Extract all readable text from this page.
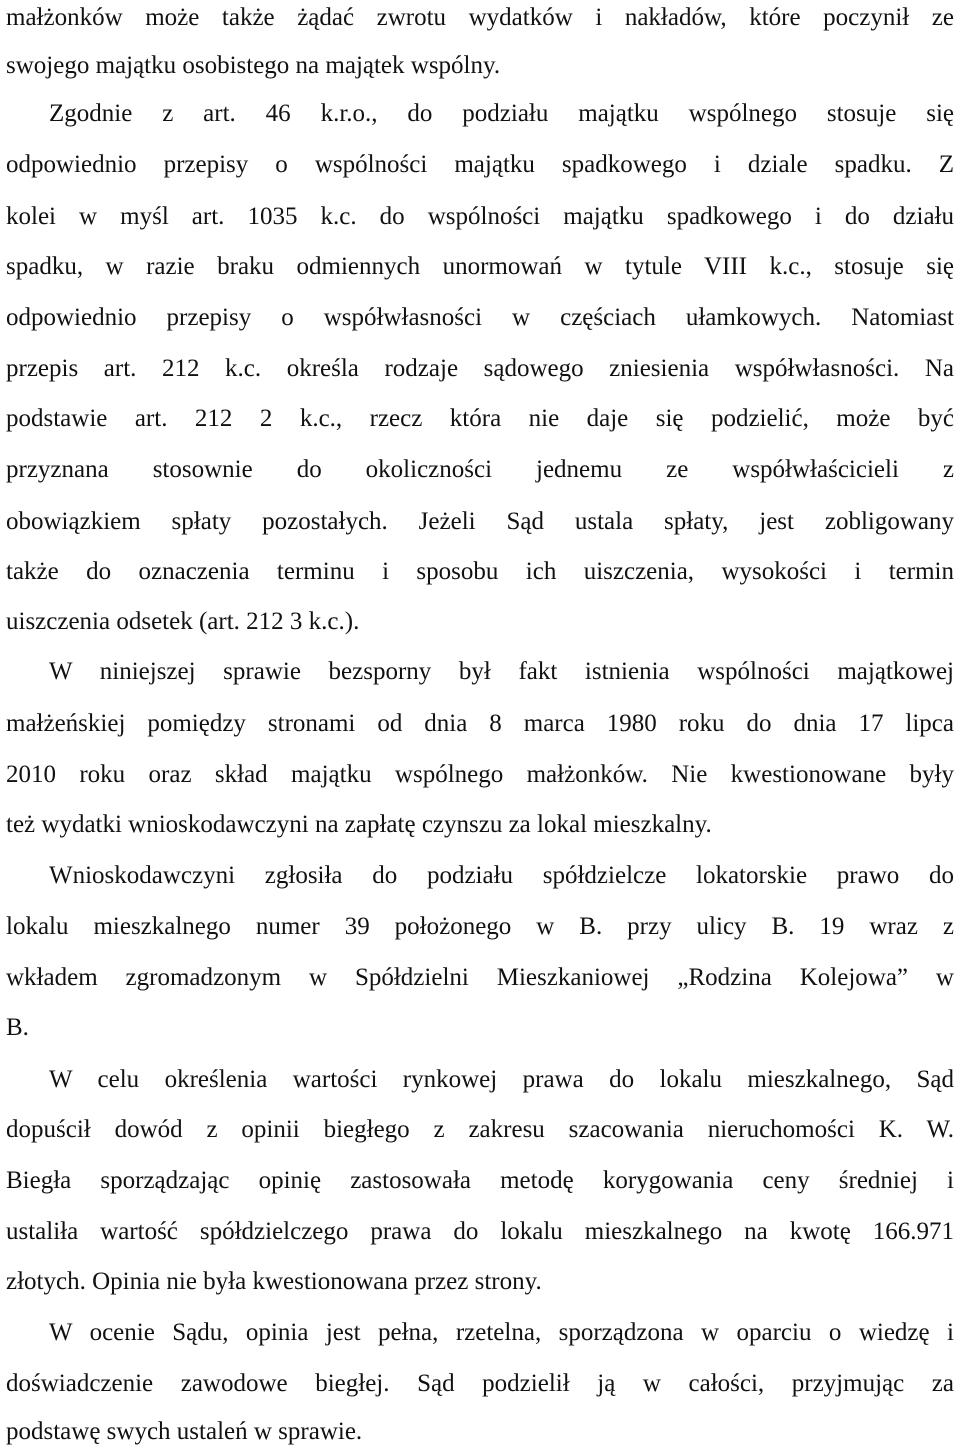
małżonków może także żądać zwrotu wydatków i nakładów, które poczynił ze
swojego majątku osobistego na majątek wspólny.
Zgodnie z art. 46 k.r.o., do podziału majątku wspólnego stosuje się
odpowiednio przepisy o wspólności majątku spadkowego i dziale spadku. Z
kolei w myśl art. 1035 k.c. do wspólności majątku spadkowego i do działu
spadku, w razie braku odmiennych unormowań w tytule VIII k.c., stosuje się
odpowiednio przepisy o współwłasności w częściach ułamkowych. Natomiast
przepis art. 212 k.c. określa rodzaje sądowego zniesienia współwłasności. Na
podstawie art. 212 2 k.c., rzecz która nie daje się podzielić, może być
przyznana stosownie do okoliczności jednemu ze współwłaścicieli z
obowiązkiem spłaty pozostałych. Jeżeli Sąd ustala spłaty, jest zobligowany
także do oznaczenia terminu i sposobu ich uiszczenia, wysokości i termin
uiszczenia odsetek (art. 212 3 k.c.).
W niniejszej sprawie bezsporny był fakt istnienia wspólności majątkowej
małżeńskiej pomiędzy stronami od dnia 8 marca 1980 roku do dnia 17 lipca
2010 roku oraz skład majątku wspólnego małżonków. Nie kwestionowane były
też wydatki wnioskodawczyni na zapłatę czynszu za lokal mieszkalny.
Wnioskodawczyni zgłosiła do podziału spółdzielcze lokatorskie prawo do
lokalu mieszkalnego numer 39 położonego w B. przy ulicy B. 19 wraz z
wkładem zgromadzonym w Spółdzielni Mieszkaniowej „Rodzina Kolejowa” w
B.
W celu określenia wartości rynkowej prawa do lokalu mieszkalnego, Sąd
dopuścił dowód z opinii biegłego z zakresu szacowania nieruchomości K. W.
Biegła sporządzając opinię zastosowała metodę korygowania ceny średniej i
ustaliła wartość spółdzielczego prawa do lokalu mieszkalnego na kwotę 166.971
złotych. Opinia nie była kwestionowana przez strony.
W ocenie Sądu, opinia jest pełna, rzetelna, sporządzona w oparciu o wiedzę i
doświadczenie zawodowe biegłej. Sąd podzielił ją w całości, przyjmując za
podstawę swych ustaleń w sprawie.
